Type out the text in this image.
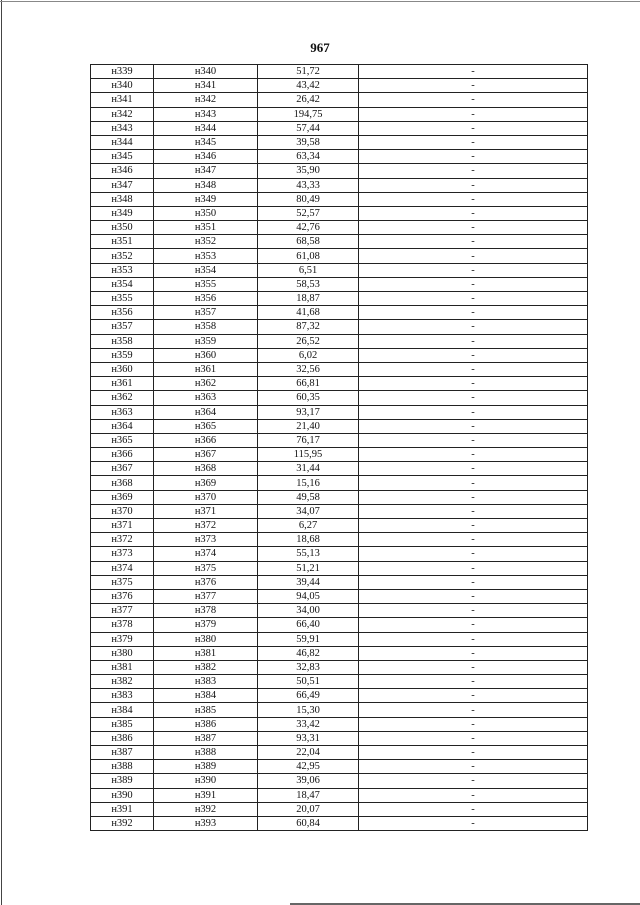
967
н339	н340	51,72	-
н340	н341	43,42	-
н341	н342	26,42	-
н342	н343	194,75	-
н343	н344	57,44	-
н344	н345	39,58	-
н345	н346	63,34	-
н346	н347	35,90	-
н347	н348	43,33	-
н348	н349	80,49	-
н349	н350	52,57	-
н350	н351	42,76	-
н351	н352	68,58	-
н352	н353	61,08	-
н353	н354	6,51	-
н354	н355	58,53	-
н355	н356	18,87	-
н356	н357	41,68	-
н357	н358	87,32	-
н358	н359	26,52	-
н359	н360	6,02	-
н360	н361	32,56	-
н361	н362	66,81	-
н362	н363	60,35	-
н363	н364	93,17	-
н364	н365	21,40	-
н365	н366	76,17	-
н366	н367	115,95	-
н367	н368	31,44	-
н368	н369	15,16	-
н369	н370	49,58	-
н370	н371	34,07	-
н371	н372	6,27	-
н372	н373	18,68	-
н373	н374	55,13	-
н374	н375	51,21	-
н375	н376	39,44	-
н376	н377	94,05	-
н377	н378	34,00	-
н378	н379	66,40	-
н379	н380	59,91	-
н380	н381	46,82	-
н381	н382	32,83	-
н382	н383	50,51	-
н383	н384	66,49	-
н384	н385	15,30	-
н385	н386	33,42	-
н386	н387	93,31	-
н387	н388	22,04	-
н388	н389	42,95	-
н389	н390	39,06	-
н390	н391	18,47	-
н391	н392	20,07	-
н392	н393	60,84	-
